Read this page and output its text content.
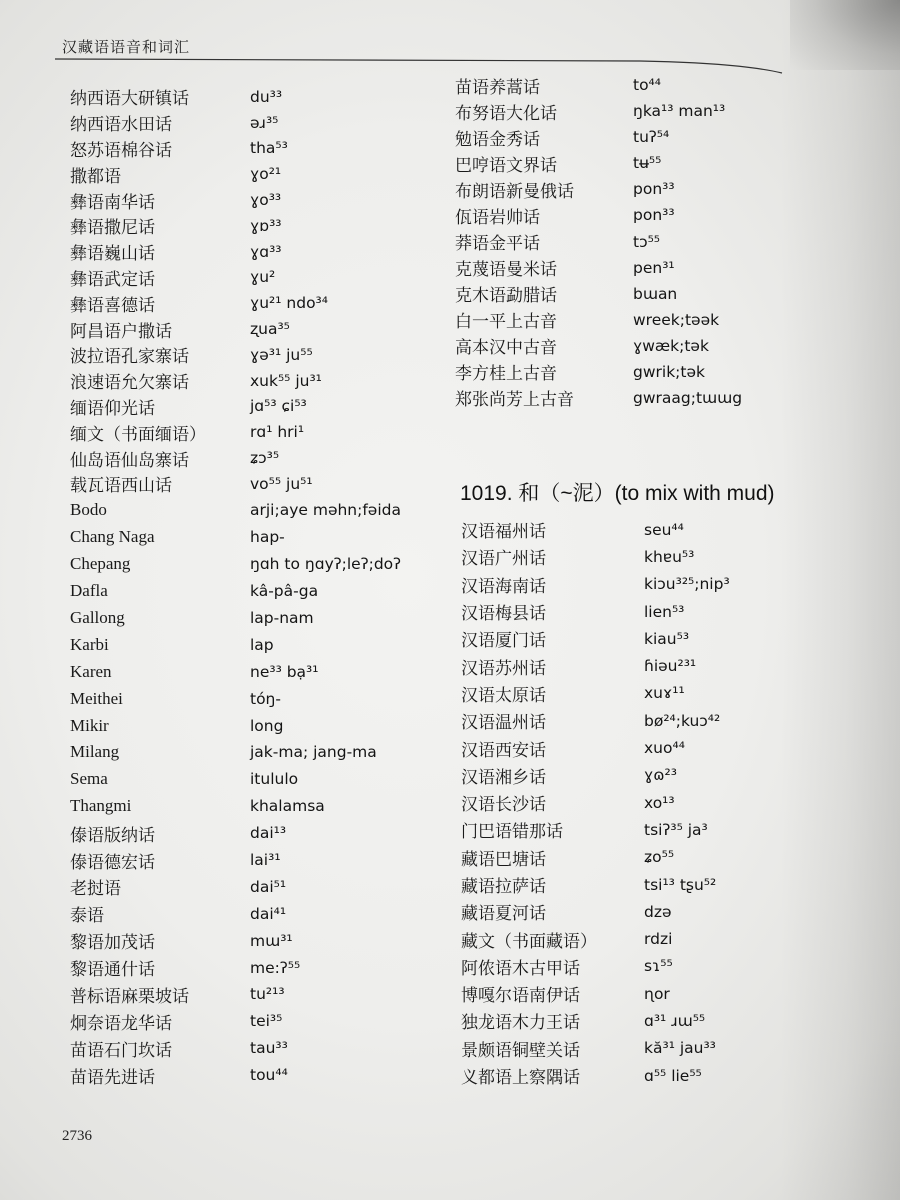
汉藏语语音和词汇
纳西语大研镇话	du³³
纳西语水田话	əɹ³⁵
怒苏语棉谷话	tha⁵³
撒都语	ɣo²¹
彝语南华话	ɣo³³
彝语撒尼话	ɣɒ³³
彝语巍山话	ɣɑ³³
彝语武定话	ɣu²
彝语喜德话	ɣu²¹ ndo³⁴
阿昌语户撒话	ʐua³⁵
波拉语孔家寨话	ɣə³¹ ju⁵⁵
浪速语允欠寨话	xuk⁵⁵ ju³¹
缅语仰光话	jɑ⁵³ ɕi⁵³
缅文（书面缅语）	rɑ¹ hri¹
仙岛语仙岛寨话	ʑɔ³⁵
载瓦语西山话	vo⁵⁵ ju⁵¹
Bodo	arji;aye məhn;fəida
Chang Naga	hap-
Chepang	ŋɑh to ŋɑyʔ;leʔ;doʔ
Dafla	kâ-pâ-ga
Gallong	lap-nam
Karbi	lap
Karen	ne³³ bạ³¹
Meithei	tóŋ-
Mikir	long
Milang	jak-ma; jang-ma
Sema	itululo
Thangmi	khalamsa
傣语版纳话	dai¹³
傣语德宏话	lai³¹
老挝语	dai⁵¹
泰语	dai⁴¹
黎语加茂话	mɯ³¹
黎语通什话	me:ʔ⁵⁵
普标语麻栗坡话	tu²¹³
炯奈语龙华话	tei³⁵
苗语石门坎话	tau³³
苗语先进话	tou⁴⁴
苗语养蒿话	to⁴⁴
布努语大化话	ŋka¹³ man¹³
勉语金秀话	tuʔ⁵⁴
巴哼语文界话	tʉ⁵⁵
布朗语新曼俄话	pon³³
佤语岩帅话	pon³³
莽语金平话	tɔ⁵⁵
克蔑语曼米话	pen³¹
克木语勐腊话	bɯan
白一平上古音	wreek;təək
高本汉中古音	ɣwæk;tək
李方桂上古音	gwrik;tək
郑张尚芳上古音	gwraag;tɯɯg
1019. 和（~泥）(to mix with mud)
汉语福州话	seu⁴⁴
汉语广州话	khɐu⁵³
汉语海南话	kiɔu³²⁵;nip³
汉语梅县话	lien⁵³
汉语厦门话	kiau⁵³
汉语苏州话	ɦiəu²³¹
汉语太原话	xuɤ¹¹
汉语温州话	bø²⁴;kuɔ⁴²
汉语西安话	xuo⁴⁴
汉语湘乡话	ɣɷ²³
汉语长沙话	xo¹³
门巴语错那话	tsiʔ³⁵ ja³
藏语巴塘话	ʑo⁵⁵
藏语拉萨话	tsi¹³ tʂu⁵²
藏语夏河话	dzə
藏文（书面藏语）	rdzi
阿侬语木古甲话	sɿ⁵⁵
博嘎尔语南伊话	ɳor
独龙语木力王话	ɑ³¹ ɹɯ⁵⁵
景颇语铜壁关话	kă³¹ jau³³
义都语上察隅话	ɑ⁵⁵ lie⁵⁵
2736
